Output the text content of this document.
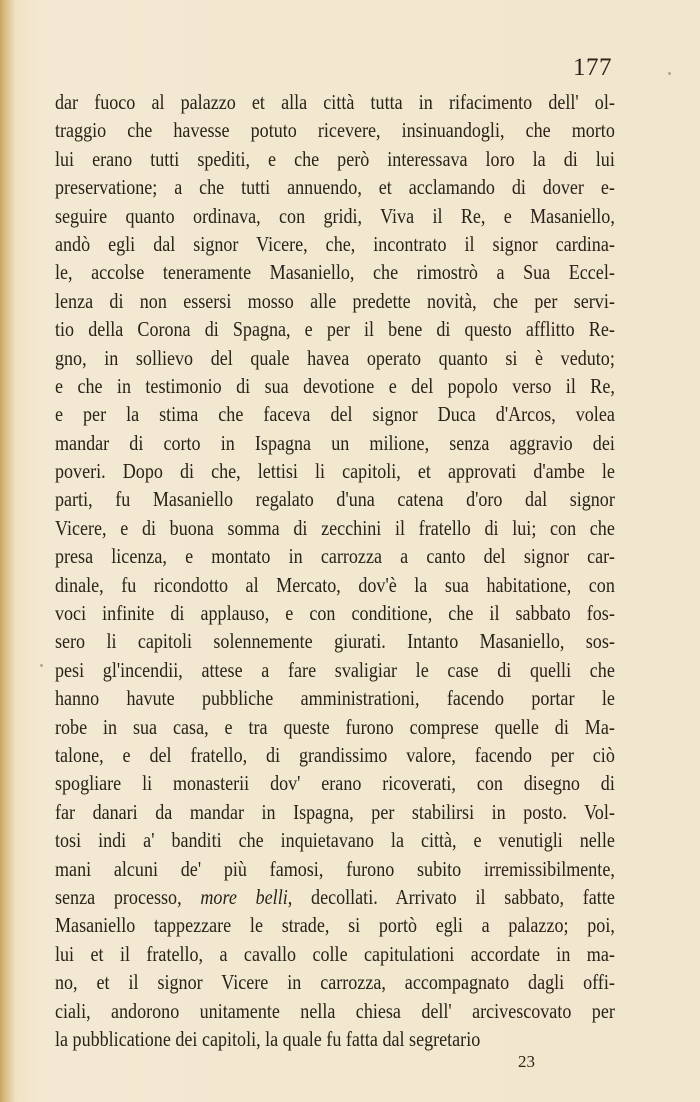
177
dar fuoco al palazzo et alla città tutta in rifacimento dell' ol-
traggio che havesse potuto ricevere, insinuandogli, che morto
lui erano tutti spediti, e che però interessava loro la di lui
preservatione; a che tutti annuendo, et acclamando di dover e-
seguire quanto ordinava, con gridi, Viva il Re, e Masaniello,
andò egli dal signor Vicere, che, incontrato il signor cardina-
le, accolse teneramente Masaniello, che rimostrò a Sua Eccel-
lenza di non essersi mosso alle predette novità, che per servi-
tio della Corona di Spagna, e per il bene di questo afflitto Re-
gno, in sollievo del quale havea operato quanto si è veduto;
e che in testimonio di sua devotione e del popolo verso il Re,
e per la stima che faceva del signor Duca d'Arcos, volea
mandar di corto in Ispagna un milione, senza aggravio dei
poveri. Dopo di che, lettisi li capitoli, et approvati d'ambe le
parti, fu Masaniello regalato d'una catena d'oro dal signor
Vicere, e di buona somma di zecchini il fratello di lui; con che
presa licenza, e montato in carrozza a canto del signor car-
dinale, fu ricondotto al Mercato, dov'è la sua habitatione, con
voci infinite di applauso, e con conditione, che il sabbato fos-
sero li capitoli solennemente giurati. Intanto Masaniello, sos-
pesi gl'incendii, attese a fare svaligiar le case di quelli che
hanno havute pubbliche amministrationi, facendo portar le
robe in sua casa, e tra queste furono comprese quelle di Ma-
talone, e del fratello, di grandissimo valore, facendo per ciò
spogliare li monasterii dov' erano ricoverati, con disegno di
far danari da mandar in Ispagna, per stabilirsi in posto. Vol-
tosi indi a' banditi che inquietavano la città, e venutigli nelle
mani alcuni de' più famosi, furono subito irremissibilmente,
senza processo, more belli, decollati. Arrivato il sabbato, fatte
Masaniello tappezzare le strade, si portò egli a palazzo; poi,
lui et il fratello, a cavallo colle capitulationi accordate in ma-
no, et il signor Vicere in carrozza, accompagnato dagli offi-
ciali, andorono unitamente nella chiesa dell' arcivescovato per
la pubblicatione dei capitoli, la quale fu fatta dal segretario
23
